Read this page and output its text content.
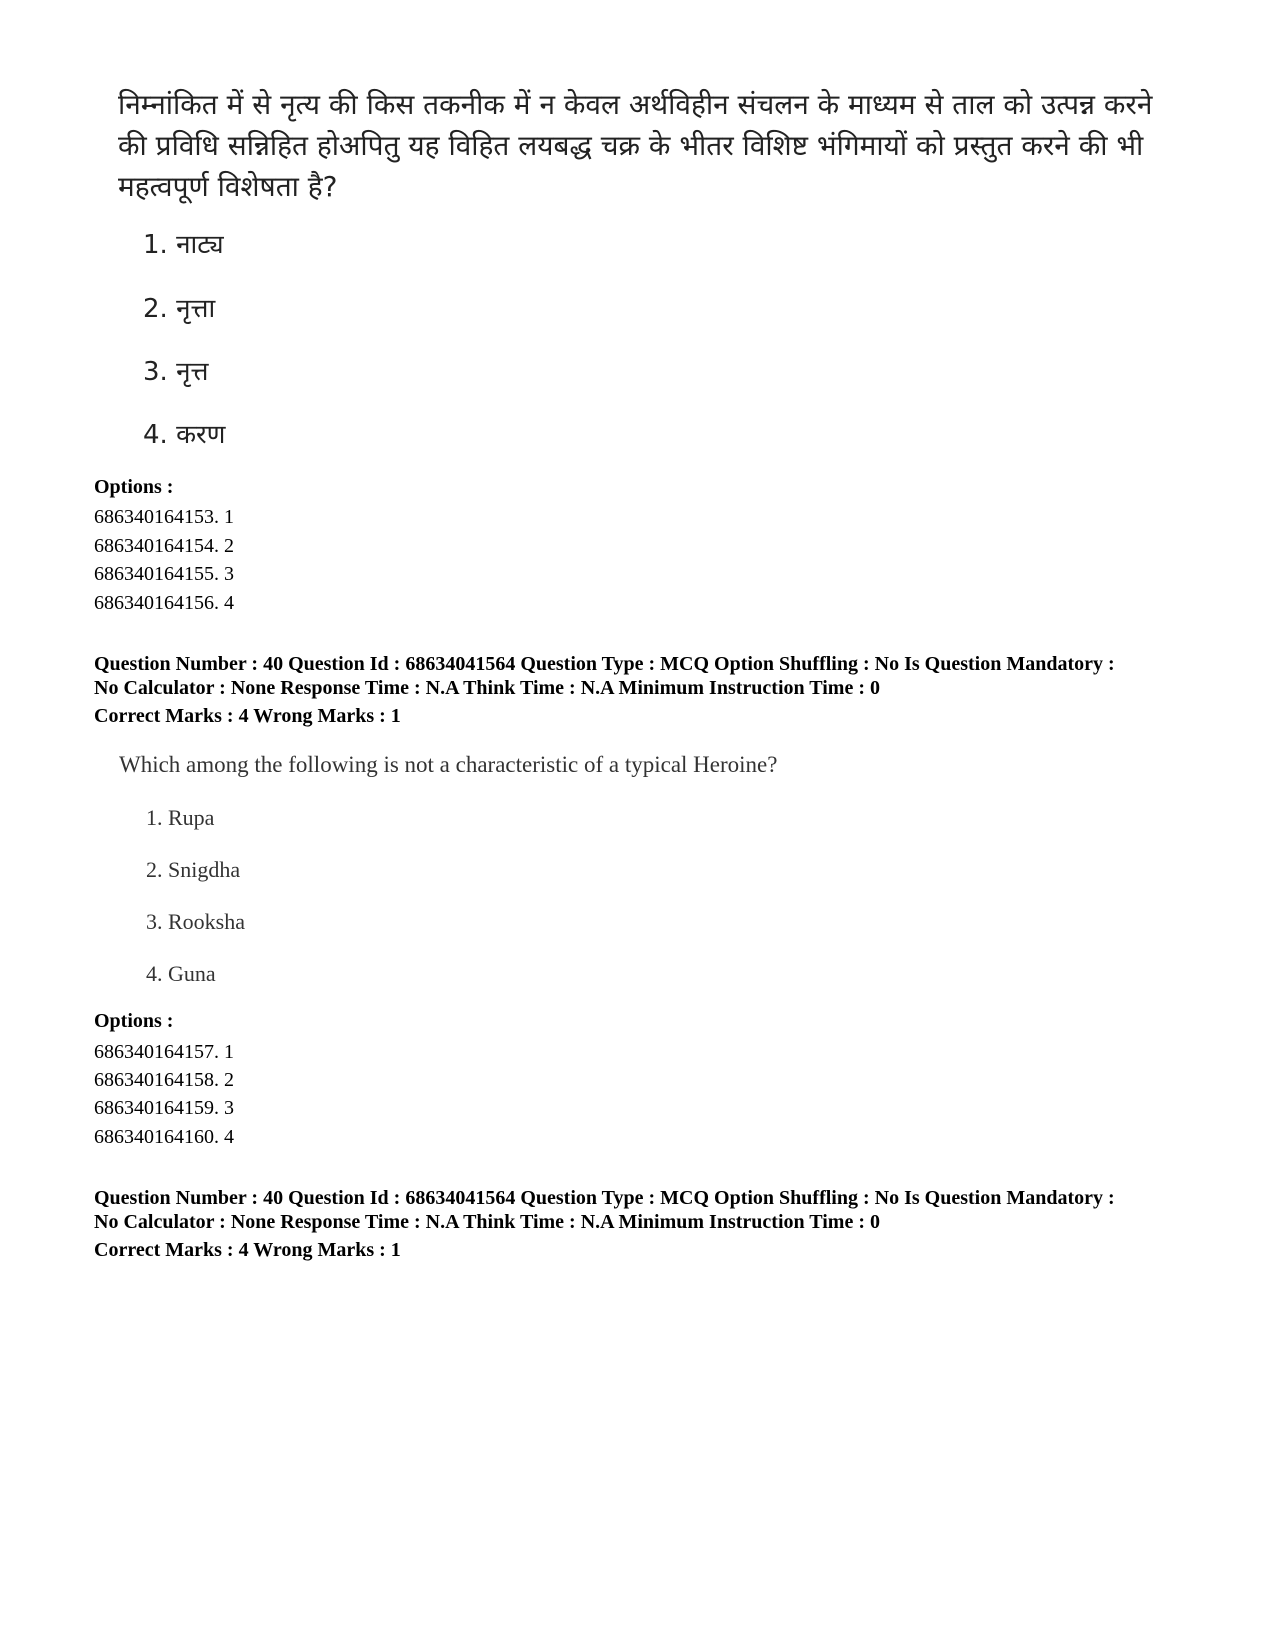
निम्नांकित में से नृत्य की किस तकनीक में न केवल अर्थविहीन संचलन के माध्यम से ताल को उत्पन्न करने की प्रविधि सन्निहित होअपितु यह विहित लयबद्ध चक्र के भीतर विशिष्ट भंगिमायों को प्रस्तुत करने की भी महत्वपूर्ण विशेषता है?
1. नाट्य
2. नृत्ता
3. नृत्त
4. करण
Options :
686340164153. 1
686340164154. 2
686340164155. 3
686340164156. 4
Question Number : 40 Question Id : 68634041564 Question Type : MCQ Option Shuffling : No Is Question Mandatory :
No Calculator : None Response Time : N.A Think Time : N.A Minimum Instruction Time : 0
Correct Marks : 4 Wrong Marks : 1
Which among the following is not a characteristic of a typical Heroine?
1. Rupa
2. Snigdha
3. Rooksha
4. Guna
Options :
686340164157. 1
686340164158. 2
686340164159. 3
686340164160. 4
Question Number : 40 Question Id : 68634041564 Question Type : MCQ Option Shuffling : No Is Question Mandatory :
No Calculator : None Response Time : N.A Think Time : N.A Minimum Instruction Time : 0
Correct Marks : 4 Wrong Marks : 1
